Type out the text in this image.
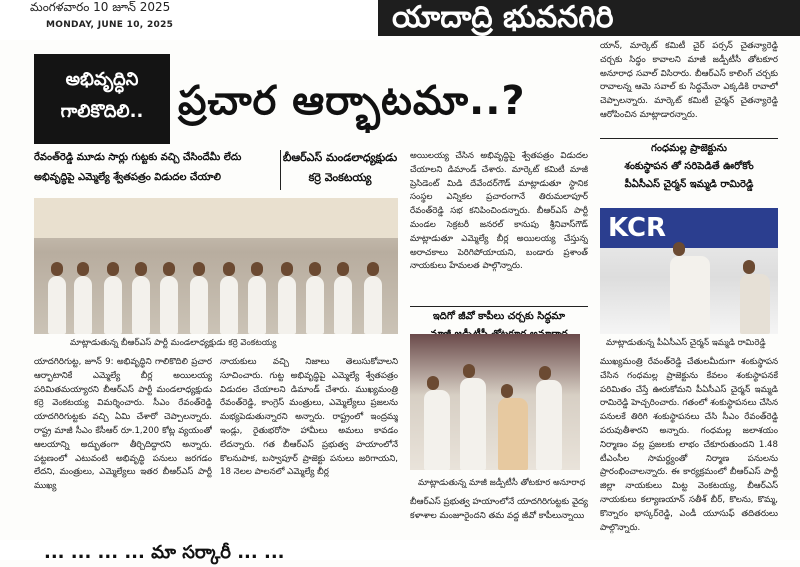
మంగళవారం 10 జూన్ 2025
MONDAY, JUNE 10, 2025	యాదాద్రి భువనగిరి
అభివృద్ధిని
గాలికొదిలి.. ప్రచార ఆర్భాటమా..?
రేవంత్‌రెడ్డి మూడు సార్లు గుట్టకు వచ్చి చేసిందేమీ లేదు
అభివృద్ధిపై ఎమ్మెల్యే శ్వేతపత్రం విడుదల చేయాలి
బీఆర్ఎస్ మండలాధ్యక్షుడు కర్రె వెంకటయ్య
మాట్లాడుతున్న బీఆర్ఎస్ పార్టీ మండలాధ్యక్షుడు కర్రె వెంకటయ్య
యాదగిరిగుట్ట, జూన్ 9: అభివృద్ధిని గాలికొదిలి ప్రచార ఆర్భాటానికే ఎమ్మెల్యే బీర్ల అయిలయ్య పరిమితమయ్యారని బీఆర్ఎస్ పార్టీ మండలాధ్యక్షుడు కర్రె వెంకటయ్య విమర్శించారు. సీఎం రేవంత్‌రెడ్డి యాదగిరిగుట్టకు వచ్చి ఏమి చేశారో చెప్పాలన్నారు. రాష్ట్ర మాజీ సీఎం కేసీఆర్ రూ.1,200 కోట్ల వ్యయంతో ఆలయాన్ని అద్భుతంగా తీర్చిదిద్దారని అన్నారు. పట్టణంలో ఎటువంటి అభివృద్ధి పనులు జరగడం లేదని, మంత్రులు, ఎమ్మెల్యేలు ఇతర బీఆర్ఎస్ పార్టీ ముఖ్య
నాయకులు వచ్చి నిజాలు తెలుసుకోవాలని సూచించారు. గుట్ట అభివృద్ధిపై ఎమ్మెల్యే శ్వేతపత్రం విడుదల చేయాలని డిమాండ్ చేశారు. ముఖ్యమంత్రి రేవంత్‌రెడ్డి, కాంగ్రెస్ మంత్రులు, ఎమ్మెల్యేలు ప్రజలను మభ్యపెడుతున్నారని అన్నారు. రాష్ట్రంలో ఇంద్రమ్మ ఇండ్లు, రైతుభరోసా హామీలు అమలు కావడం లేదన్నారు. గత బీఆర్ఎస్ ప్రభుత్వ హయాంలోనే కొలనుపాక, బస్వాపూర్ ప్రాజెక్టు పనులు జరిగాయని, 18 నెలల పాలనలో ఎమ్మెల్యే బీర్ల
అయిలయ్య చేసిన అభివృద్ధిపై శ్వేతపత్రం విడుదల చేయాలని డిమాండ్ చేశారు. మార్కెట్ కమిటీ మాజీ ప్రెసిడెంట్ మిడి దేవేందర్‌గౌడ్ మాట్లాడుతూ స్థానిక సంస్థల ఎన్నికల ప్రచారంగానే తిరుమలాపూర్ రేవంత్‌రెడ్డి సభ కనిపించిందన్నారు. బీఆర్ఎస్ పార్టీ మండల సెక్రటరీ జనరల్ కానుపు శ్రీనివాస్‌గౌడ్ మాట్లాడుతూ ఎమ్మెల్యే బీర్ల అయిలయ్య చేస్తున్న అరాచకాలు పెరిగిపోయాయని, బండారు ప్రశాంత్ నాయకులు హేమలత పాల్గొన్నారు.
ఇదిగో జీవో కాపీలు చర్చకు సిద్ధమా
మాట్లాడుతున్న మాజీ జడ్పీటీసీ తోటకూర అనూరాధ
బీఆర్ఎస్ ప్రభుత్వ హయాంలోనే యాదగిరిగుట్టకు వైద్య కళాశాల మంజూరైందని తమ వద్ద జీవో కాపీలున్నాయి
యాన్, మార్కెట్ కమిటీ చైర్ పర్సన్ చైతన్యారెడ్డి చర్చకు సిద్ధం కావాలని మాజీ జడ్పీటీసీ తోటకూర అనూరాధ సవాల్ విసిరారు. బీఆర్ఎస్ కాలింగ్ చర్చకు రావాలన్న ఆమె సవాల్ కు సిద్ధమేనా ఎక్కడికి రావాలో చెప్పాలన్నారు. మార్కెట్ కమిటీ చైర్మన్ చైతన్యారెడ్డి ఆరోపించిన మాట్లాడారన్నారు.
గంధమల్ల ప్రాజెక్టును
శంకుస్థాపన తో సరిపెడితే ఊరోకోం
పీఏసీఎస్ చైర్మన్ ఇమ్మడి రామిరెడ్డి
KCR
మాట్లాడుతున్న పీఏసీఎస్ చైర్మన్ ఇమ్మడి రామిరెడ్డి
ముఖ్యమంత్రి రేవంత్‌రెడ్డి చేతులమీదుగా శంకుస్థాపన చేసిన గంధమల్ల ప్రాజెక్టును కేవలం శంకుస్థాపనకే పరిమితం చేస్తే ఊరుకోమని పీఏసీఎస్ చైర్మన్ ఇమ్మడి రామిరెడ్డి హెచ్చరించారు. గతంలో శంకుస్థాపనలు చేసిన పనులకే తిరిగి శంకుస్థాపనలు చేసి సీఎం రేవంత్‌రెడ్డి పరువుతీశారని అన్నారు. గంధమల్ల జలాశయం నిర్మాణం వల్ల ప్రజలకు లాభం చేకూరుతుందని 1.48 టీఎంసీల సామర్థ్యంతో నిర్మాణ పనులను ప్రారంభించాలన్నారు. ఈ కార్యక్రమంలో బీఆర్ఎస్ పార్టీ జిల్లా నాయకులు మిట్ట వెంకటయ్య, బీఆర్ఎస్ నాయకులు కల్యాణయాన్ సతీశ్ బీర్, కొలను, కొమ్మ, కొన్నారం భాస్కర్‌రెడ్డి, ఎండీ యూసుఫ్ తదితరులు పాల్గొన్నారు.
... ... ... ... మా సర్కారీ ... ...
